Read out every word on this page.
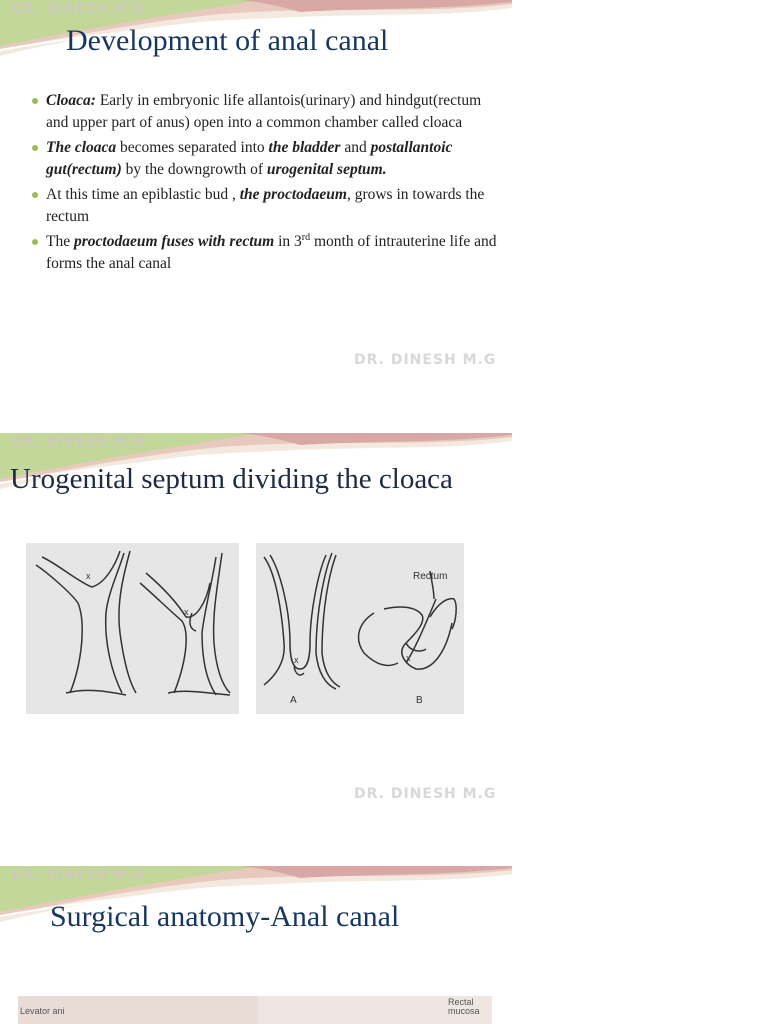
DR. DINESH M.G
Development of anal canal
Cloaca: Early in embryonic life allantois(urinary) and hindgut(rectum and upper part of anus) open into a common chamber called cloaca
The cloaca becomes separated into the bladder and postallantoic gut(rectum) by the downgrowth of urogenital septum.
At this time an epiblastic bud , the proctodaeum, grows in towards the rectum
The proctodaeum fuses with rectum in 3rd month of intrauterine life and forms the anal canal
DR. DINESH M.G
DR. DINESH M.G
Urogenital septum dividing the cloaca
x
x
Rectum
x	x
A	B
DR. DINESH M.G
DR. DINESH M.G
Surgical anatomy-Anal canal
Levator ani
Rectal mucosa
